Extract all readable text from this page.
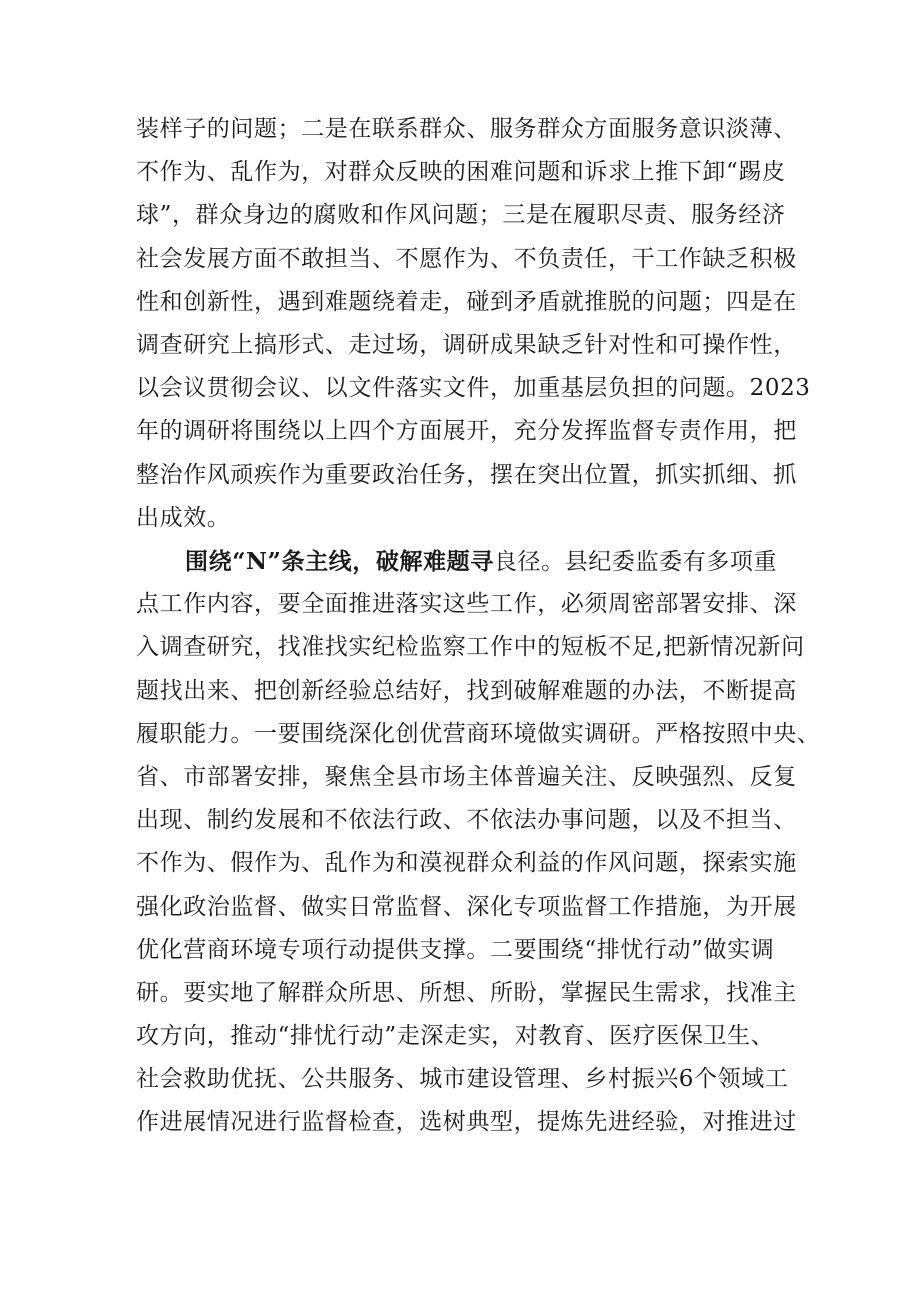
装样子的问题；二是在联系群众、服务群众方面服务意识淡薄、
不作为、乱作为，对群众反映的困难问题和诉求上推下卸“踢皮
球”，群众身边的腐败和作风问题；三是在履职尽责、服务经济
社会发展方面不敢担当、不愿作为、不负责任，干工作缺乏积极
性和创新性，遇到难题绕着走，碰到矛盾就推脱的问题；四是在
调查研究上搞形式、走过场，调研成果缺乏针对性和可操作性，
以会议贯彻会议、以文件落实文件，加重基层负担的问题。2023
年的调研将围绕以上四个方面展开，充分发挥监督专责作用，把
整治作风顽疾作为重要政治任务，摆在突出位置，抓实抓细、抓
出成效。
围绕“N”条主线，破解难题寻良径。县纪委监委有多项重
点工作内容，要全面推进落实这些工作，必须周密部署安排、深
入调查研究，找准找实纪检监察工作中的短板不足,把新情况新问
题找出来、把创新经验总结好，找到破解难题的办法，不断提高
履职能力。一要围绕深化创优营商环境做实调研。严格按照中央、
省、市部署安排，聚焦全县市场主体普遍关注、反映强烈、反复
出现、制约发展和不依法行政、不依法办事问题，以及不担当、
不作为、假作为、乱作为和漠视群众利益的作风问题，探索实施
强化政治监督、做实日常监督、深化专项监督工作措施，为开展
优化营商环境专项行动提供支撑。二要围绕“排忧行动”做实调
研。要实地了解群众所思、所想、所盼，掌握民生需求，找准主
攻方向，推动“排忧行动”走深走实，对教育、医疗医保卫生、
社会救助优抚、公共服务、城市建设管理、乡村振兴6个领域工
作进展情况进行监督检查，选树典型，提炼先进经验，对推进过
